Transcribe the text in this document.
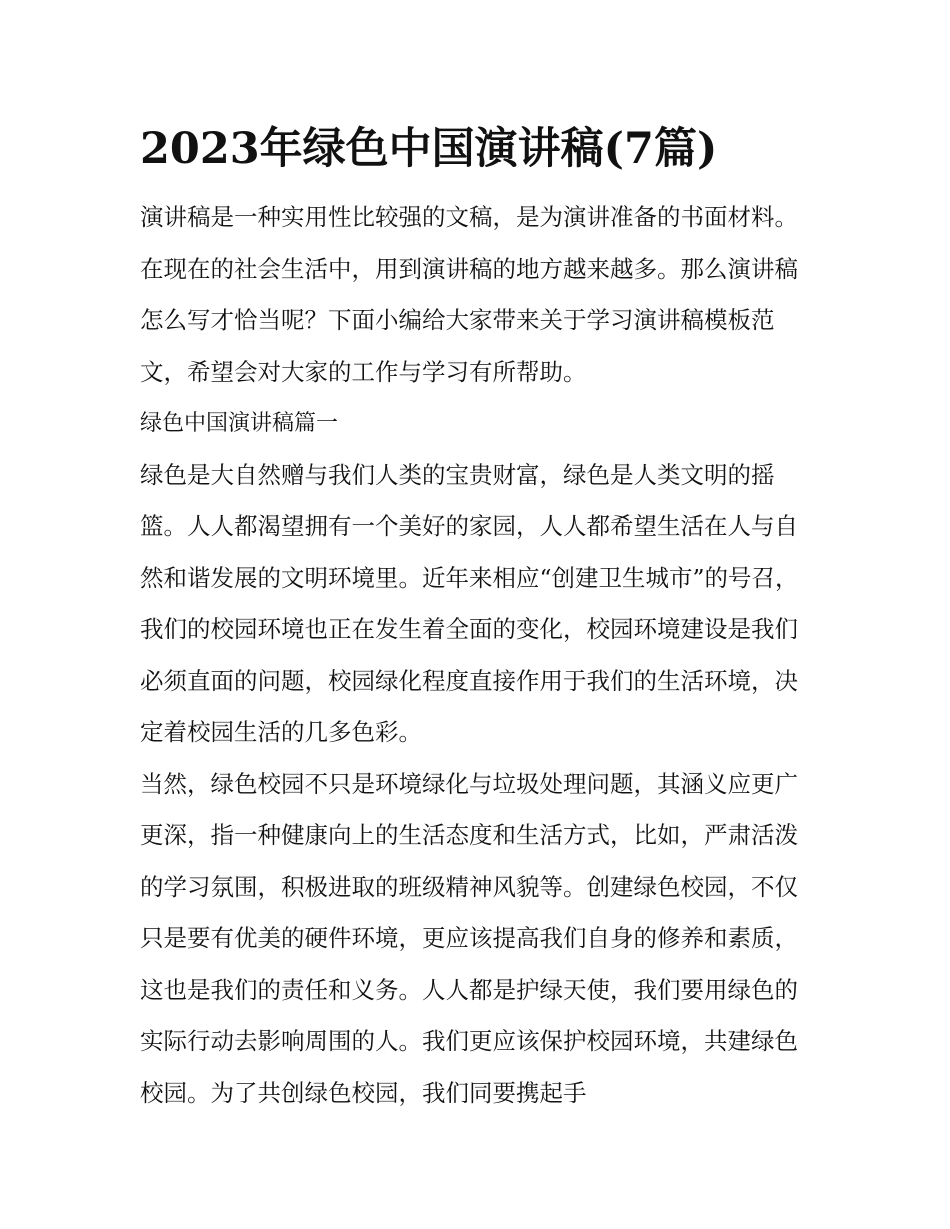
2023年绿色中国演讲稿(7篇)

演讲稿是一种实用性比较强的文稿，是为演讲准备的书面材料。在现在的社会生活中，用到演讲稿的地方越来越多。那么演讲稿怎么写才恰当呢？下面小编给大家带来关于学习演讲稿模板范文，希望会对大家的工作与学习有所帮助。

绿色中国演讲稿篇一

绿色是大自然赠与我们人类的宝贵财富，绿色是人类文明的摇篮。人人都渴望拥有一个美好的家园，人人都希望生活在人与自然和谐发展的文明环境里。近年来相应“创建卫生城市”的号召，我们的校园环境也正在发生着全面的变化，校园环境建设是我们必须直面的问题，校园绿化程度直接作用于我们的生活环境，决定着校园生活的几多色彩。

当然，绿色校园不只是环境绿化与垃圾处理问题，其涵义应更广更深，指一种健康向上的生活态度和生活方式，比如，严肃活泼的学习氛围，积极进取的班级精神风貌等。创建绿色校园，不仅只是要有优美的硬件环境，更应该提高我们自身的修养和素质，这也是我们的责任和义务。人人都是护绿天使，我们要用绿色的实际行动去影响周围的人。我们更应该保护校园环境，共建绿色校园。为了共创绿色校园，我们同要携起手
